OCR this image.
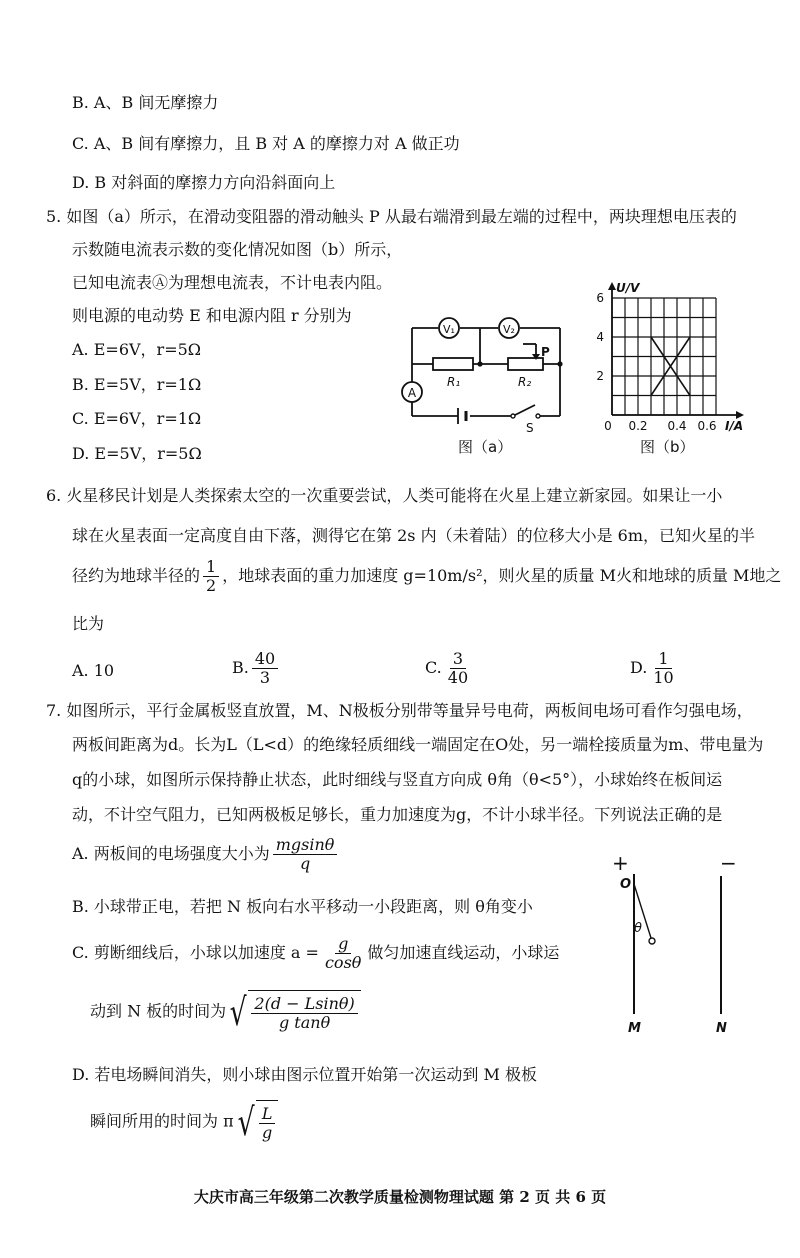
B. A、B 间无摩擦力
C. A、B 间有摩擦力，且 B 对 A 的摩擦力对 A 做正功
D. B 对斜面的摩擦力方向沿斜面向上
5. 如图（a）所示，在滑动变阻器的滑动触头 P 从最右端滑到最左端的过程中，两块理想电压表的
示数随电流表示数的变化情况如图（b）所示，
已知电流表Ⓐ为理想电流表，不计电表内阻。
则电源的电动势 E 和电源内阻 r 分别为
A. E=6V，r=5Ω
B. E=5V，r=1Ω
C. E=6V，r=1Ω
D. E=5V，r=5Ω
V₁	V₂
R₁	R₂
P
A
S
图（a）
U/V
I/A
6
4
2
0 0.2 0.4 0.6
图（b）
6. 火星移民计划是人类探索太空的一次重要尝试，人类可能将在火星上建立新家园。如果让一小
球在火星表面一定高度自由下落，测得它在第 2s 内（未着陆）的位移大小是 6m，已知火星的半
径约为地球半径的 $\frac{1}{2}$ ，地球表面的重力加速度 g=10m/s²，则火星的质量 M火和地球的质量 M地之
比为
A. 10	B. $\frac{40}{3}$	C. $\frac{3}{40}$	D. $\frac{1}{10}$
7. 如图所示，平行金属板竖直放置，M、N极板分别带等量异号电荷，两板间电场可看作匀强电场，
两板间距离为d。长为L（L<d）的绝缘轻质细线一端固定在O处，另一端栓接质量为m、带电量为
q的小球，如图所示保持静止状态，此时细线与竖直方向成 θ角（θ<5°），小球始终在板间运
动，不计空气阻力，已知两极板足够长，重力加速度为g，不计小球半径。下列说法正确的是
A. 两板间的电场强度大小为 $\frac{mgsin\theta}{q}$
B. 小球带正电，若把 N 板向右水平移动一小段距离，则 θ角变小
C. 剪断细线后，小球以加速度 $a = \frac{g}{\cos\theta}$ 做匀加速直线运动，小球运
动到 N 板的时间为 √ $\frac{2(d - Lsin\theta)}{\text{g tanθ}}$
D. 若电场瞬间消失，则小球由图示位置开始第一次运动到 M 极板
瞬间所用的时间为 π √ $\frac{L}{g}$
+	−
O
θ
M	N
大庆市高三年级第二次教学质量检测物理试题 第 2 页 共 6 页
